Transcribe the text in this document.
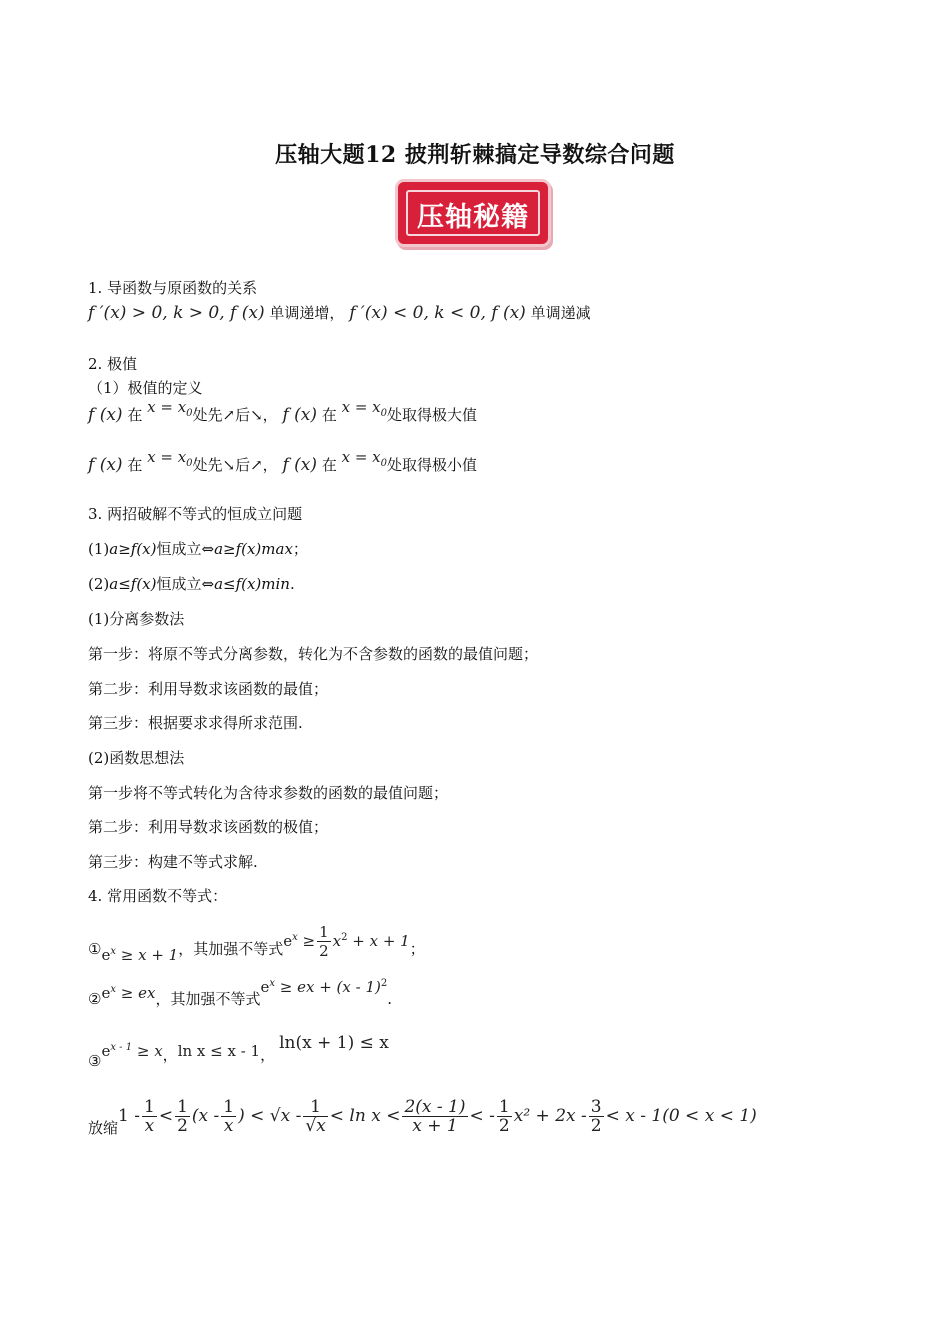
压轴大题12 披荆斩棘搞定导数综合问题
压轴秘籍
1. 导函数与原函数的关系
f ′(x) > 0, k > 0, f (x) 单调递增， f ′(x) < 0, k < 0, f (x) 单调递减
2. 极值
（1）极值的定义
f (x) 在 $x = x_0$处先↗后↘， f (x) 在 $x = x_0$处取得极大值
f (x) 在 $x = x_0$处先↘后↗， f (x) 在 $x = x_0$处取得极小值
3. 两招破解不等式的恒成立问题
(1)a≥f(x)恒成立⇔a≥f(x)max；
(2)a≤f(x)恒成立⇔a≤f(x)min.
(1)分离参数法
第一步：将原不等式分离参数，转化为不含参数的函数的最值问题；
第二步：利用导数求该函数的最值；
第三步：根据要求求得所求范围.
(2)函数思想法
第一步将不等式转化为含待求参数的函数的最值问题；
第二步：利用导数求该函数的极值；
第三步：构建不等式求解.
4. 常用函数不等式：
$①e^x \ge x + 1$，其加强不等式$e^x \ge \frac{1}{2} x^2 + x + 1$；
$②e^x$ ≥ ex，其加强不等式$e^x$ ≥ ex + (x - 1)$^2$.
$③e^{x - 1} \ge x$，ln x ≤ x - 1，ln(x + 1) ≤ x
放缩$1 - \frac{1}{x} < \frac{1}{2} (x - \frac{1}{x}$ ) < $√x - \frac{1}{√x} < \ln x < \frac{2(x - 1)}{x + 1}$ < - $\frac{1}{2} x^2 + 2x - \frac{3}{2} < x - 1(0 < x < 1)$
